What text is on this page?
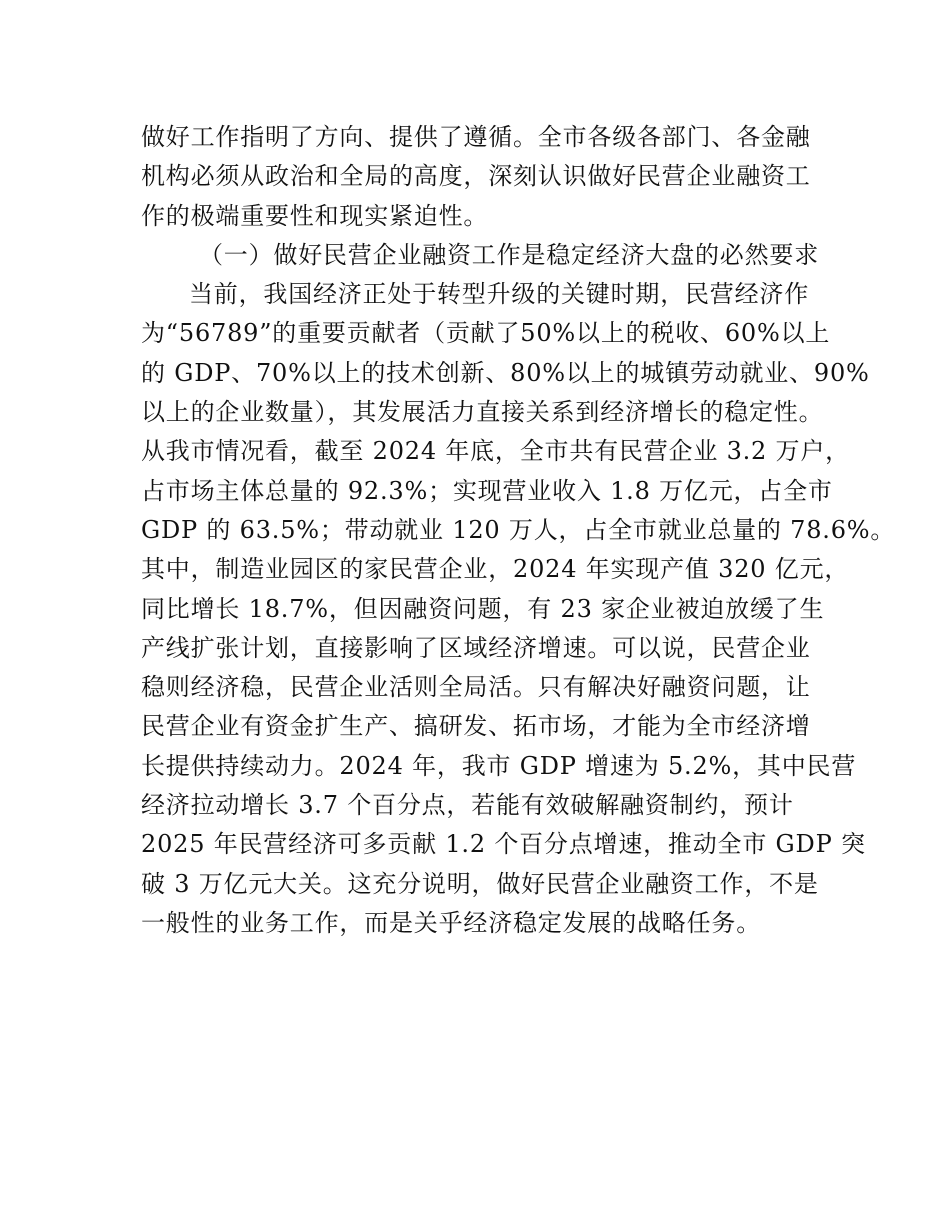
做好工作指明了方向、提供了遵循。全市各级各部门、各金融
机构必须从政治和全局的高度，深刻认识做好民营企业融资工
作的极端重要性和现实紧迫性。
（一）做好民营企业融资工作是稳定经济大盘的必然要求
当前，我国经济正处于转型升级的关键时期，民营经济作
为“56789”的重要贡献者（贡献了50%以上的税收、60%以上
的 GDP、70%以上的技术创新、80%以上的城镇劳动就业、90%
以上的企业数量），其发展活力直接关系到经济增长的稳定性。
从我市情况看，截至 2024 年底，全市共有民营企业 3.2 万户，
占市场主体总量的 92.3%；实现营业收入 1.8 万亿元，占全市
GDP 的 63.5%；带动就业 120 万人，占全市就业总量的 78.6%。
其中，制造业园区的家民营企业，2024 年实现产值 320 亿元，
同比增长 18.7%，但因融资问题，有 23 家企业被迫放缓了生
产线扩张计划，直接影响了区域经济增速。可以说，民营企业
稳则经济稳，民营企业活则全局活。只有解决好融资问题，让
民营企业有资金扩生产、搞研发、拓市场，才能为全市经济增
长提供持续动力。2024 年，我市 GDP 增速为 5.2%，其中民营
经济拉动增长 3.7 个百分点，若能有效破解融资制约，预计
2025 年民营经济可多贡献 1.2 个百分点增速，推动全市 GDP 突
破 3 万亿元大关。这充分说明，做好民营企业融资工作，不是
一般性的业务工作，而是关乎经济稳定发展的战略任务。
